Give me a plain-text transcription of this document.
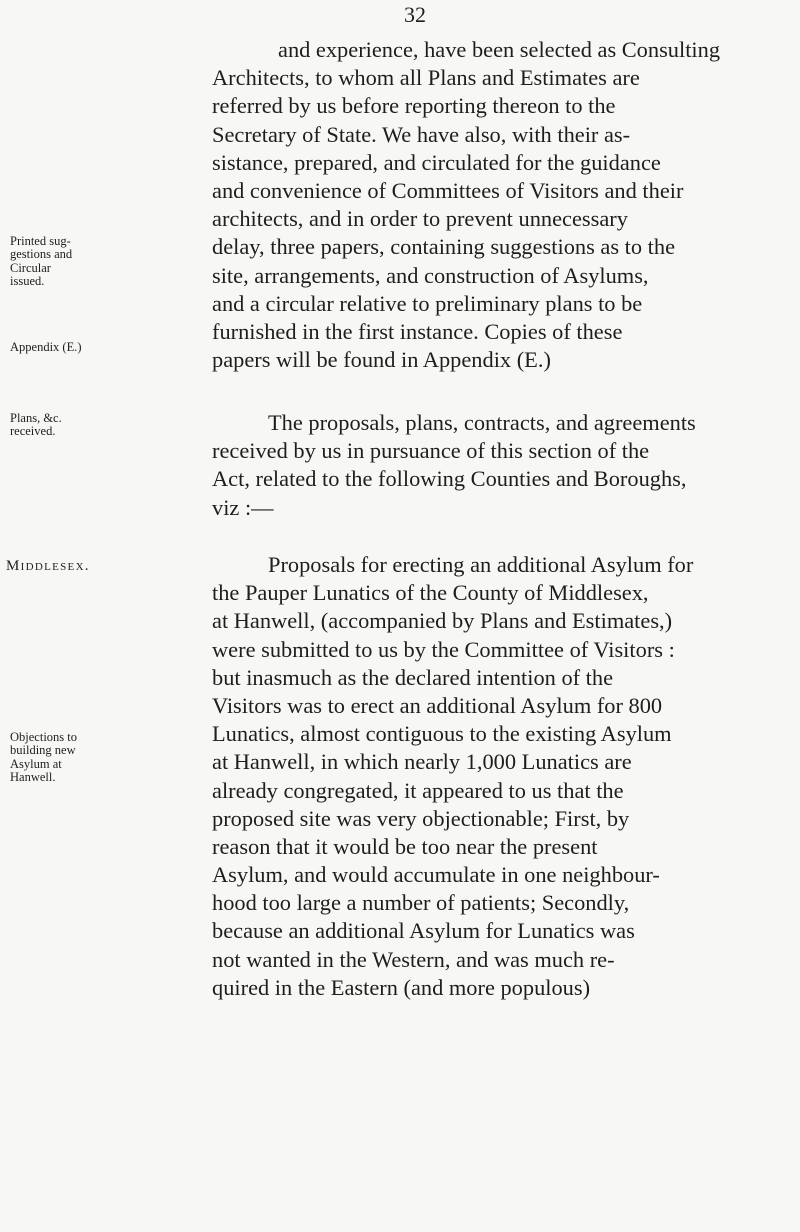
32
and experience, have been selected as Consulting
Architects, to whom all Plans and Estimates are
referred by us before reporting thereon to the
Secretary of State. We have also, with their as-
sistance, prepared, and circulated for the guidance
and convenience of Committees of Visitors and their
architects, and in order to prevent unnecessary
delay, three papers, containing suggestions as to the
site, arrangements, and construction of Asylums,
and a circular relative to preliminary plans to be
furnished in the first instance. Copies of these
papers will be found in Appendix (E.)
The proposals, plans, contracts, and agreements
received by us in pursuance of this section of the
Act, related to the following Counties and Boroughs,
viz :—
Proposals for erecting an additional Asylum for
the Pauper Lunatics of the County of Middlesex,
at Hanwell, (accompanied by Plans and Estimates,)
were submitted to us by the Committee of Visitors :
but inasmuch as the declared intention of the
Visitors was to erect an additional Asylum for 800
Lunatics, almost contiguous to the existing Asylum
at Hanwell, in which nearly 1,000 Lunatics are
already congregated, it appeared to us that the
proposed site was very objectionable; First, by
reason that it would be too near the present
Asylum, and would accumulate in one neighbour-
hood too large a number of patients; Secondly,
because an additional Asylum for Lunatics was
not wanted in the Western, and was much re-
quired in the Eastern (and more populous)
Printed sug-
gestions and
Circular
issued.
Appendix (E.)
Plans, &c.
received.
Middlesex.
Objections to
building new
Asylum at
Hanwell.
